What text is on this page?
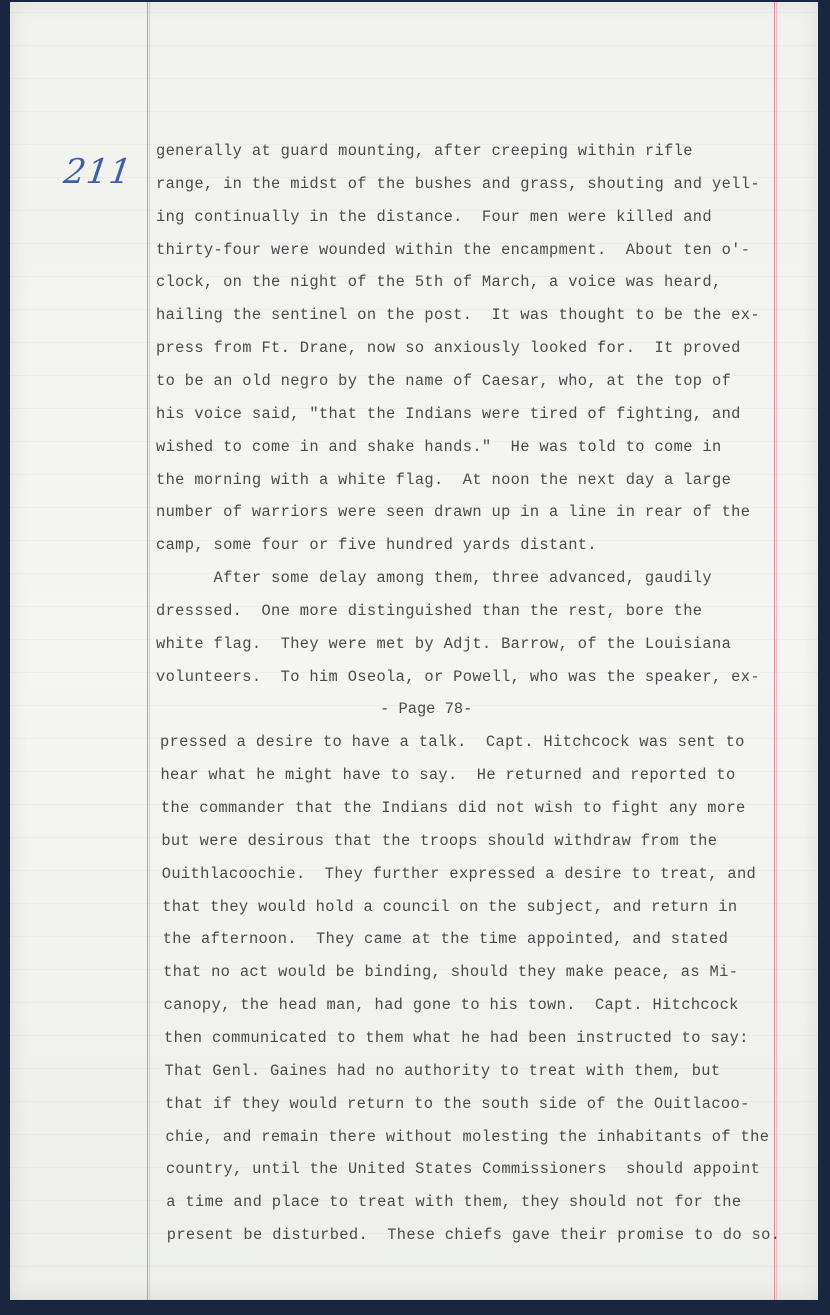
211
generally at guard mounting, after creeping within rifle
range, in the midst of the bushes and grass, shouting and yell-
ing continually in the distance.  Four men were killed and
thirty-four were wounded within the encampment.  About ten o'-
clock, on the night of the 5th of March, a voice was heard,
hailing the sentinel on the post.  It was thought to be the ex-
press from Ft. Drane, now so anxiously looked for.  It proved
to be an old negro by the name of Caesar, who, at the top of
his voice said, "that the Indians were tired of fighting, and
wished to come in and shake hands."  He was told to come in
the morning with a white flag.  At noon the next day a large
number of warriors were seen drawn up in a line in rear of the
camp, some four or five hundred yards distant.
After some delay among them, three advanced, gaudily
dresssed.  One more distinguished than the rest, bore the
white flag.  They were met by Adjt. Barrow, of the Louisiana
volunteers.  To him Oseola, or Powell, who was the speaker, ex-
- Page 78-
pressed a desire to have a talk.  Capt. Hitchcock was sent to
hear what he might have to say.  He returned and reported to
the commander that the Indians did not wish to fight any more
but were desirous that the troops should withdraw from the
Ouithlacoochie.  They further expressed a desire to treat, and
that they would hold a council on the subject, and return in
the afternoon.  They came at the time appointed, and stated
that no act would be binding, should they make peace, as Mi-
canopy, the head man, had gone to his town.  Capt. Hitchcock
then communicated to them what he had been instructed to say:
That Genl. Gaines had no authority to treat with them, but
that if they would return to the south side of the Ouitlacoo-
chie, and remain there without molesting the inhabitants of the
country, until the United States Commissioners  should appoint
a time and place to treat with them, they should not for the
present be disturbed.  These chiefs gave their promise to do so.
